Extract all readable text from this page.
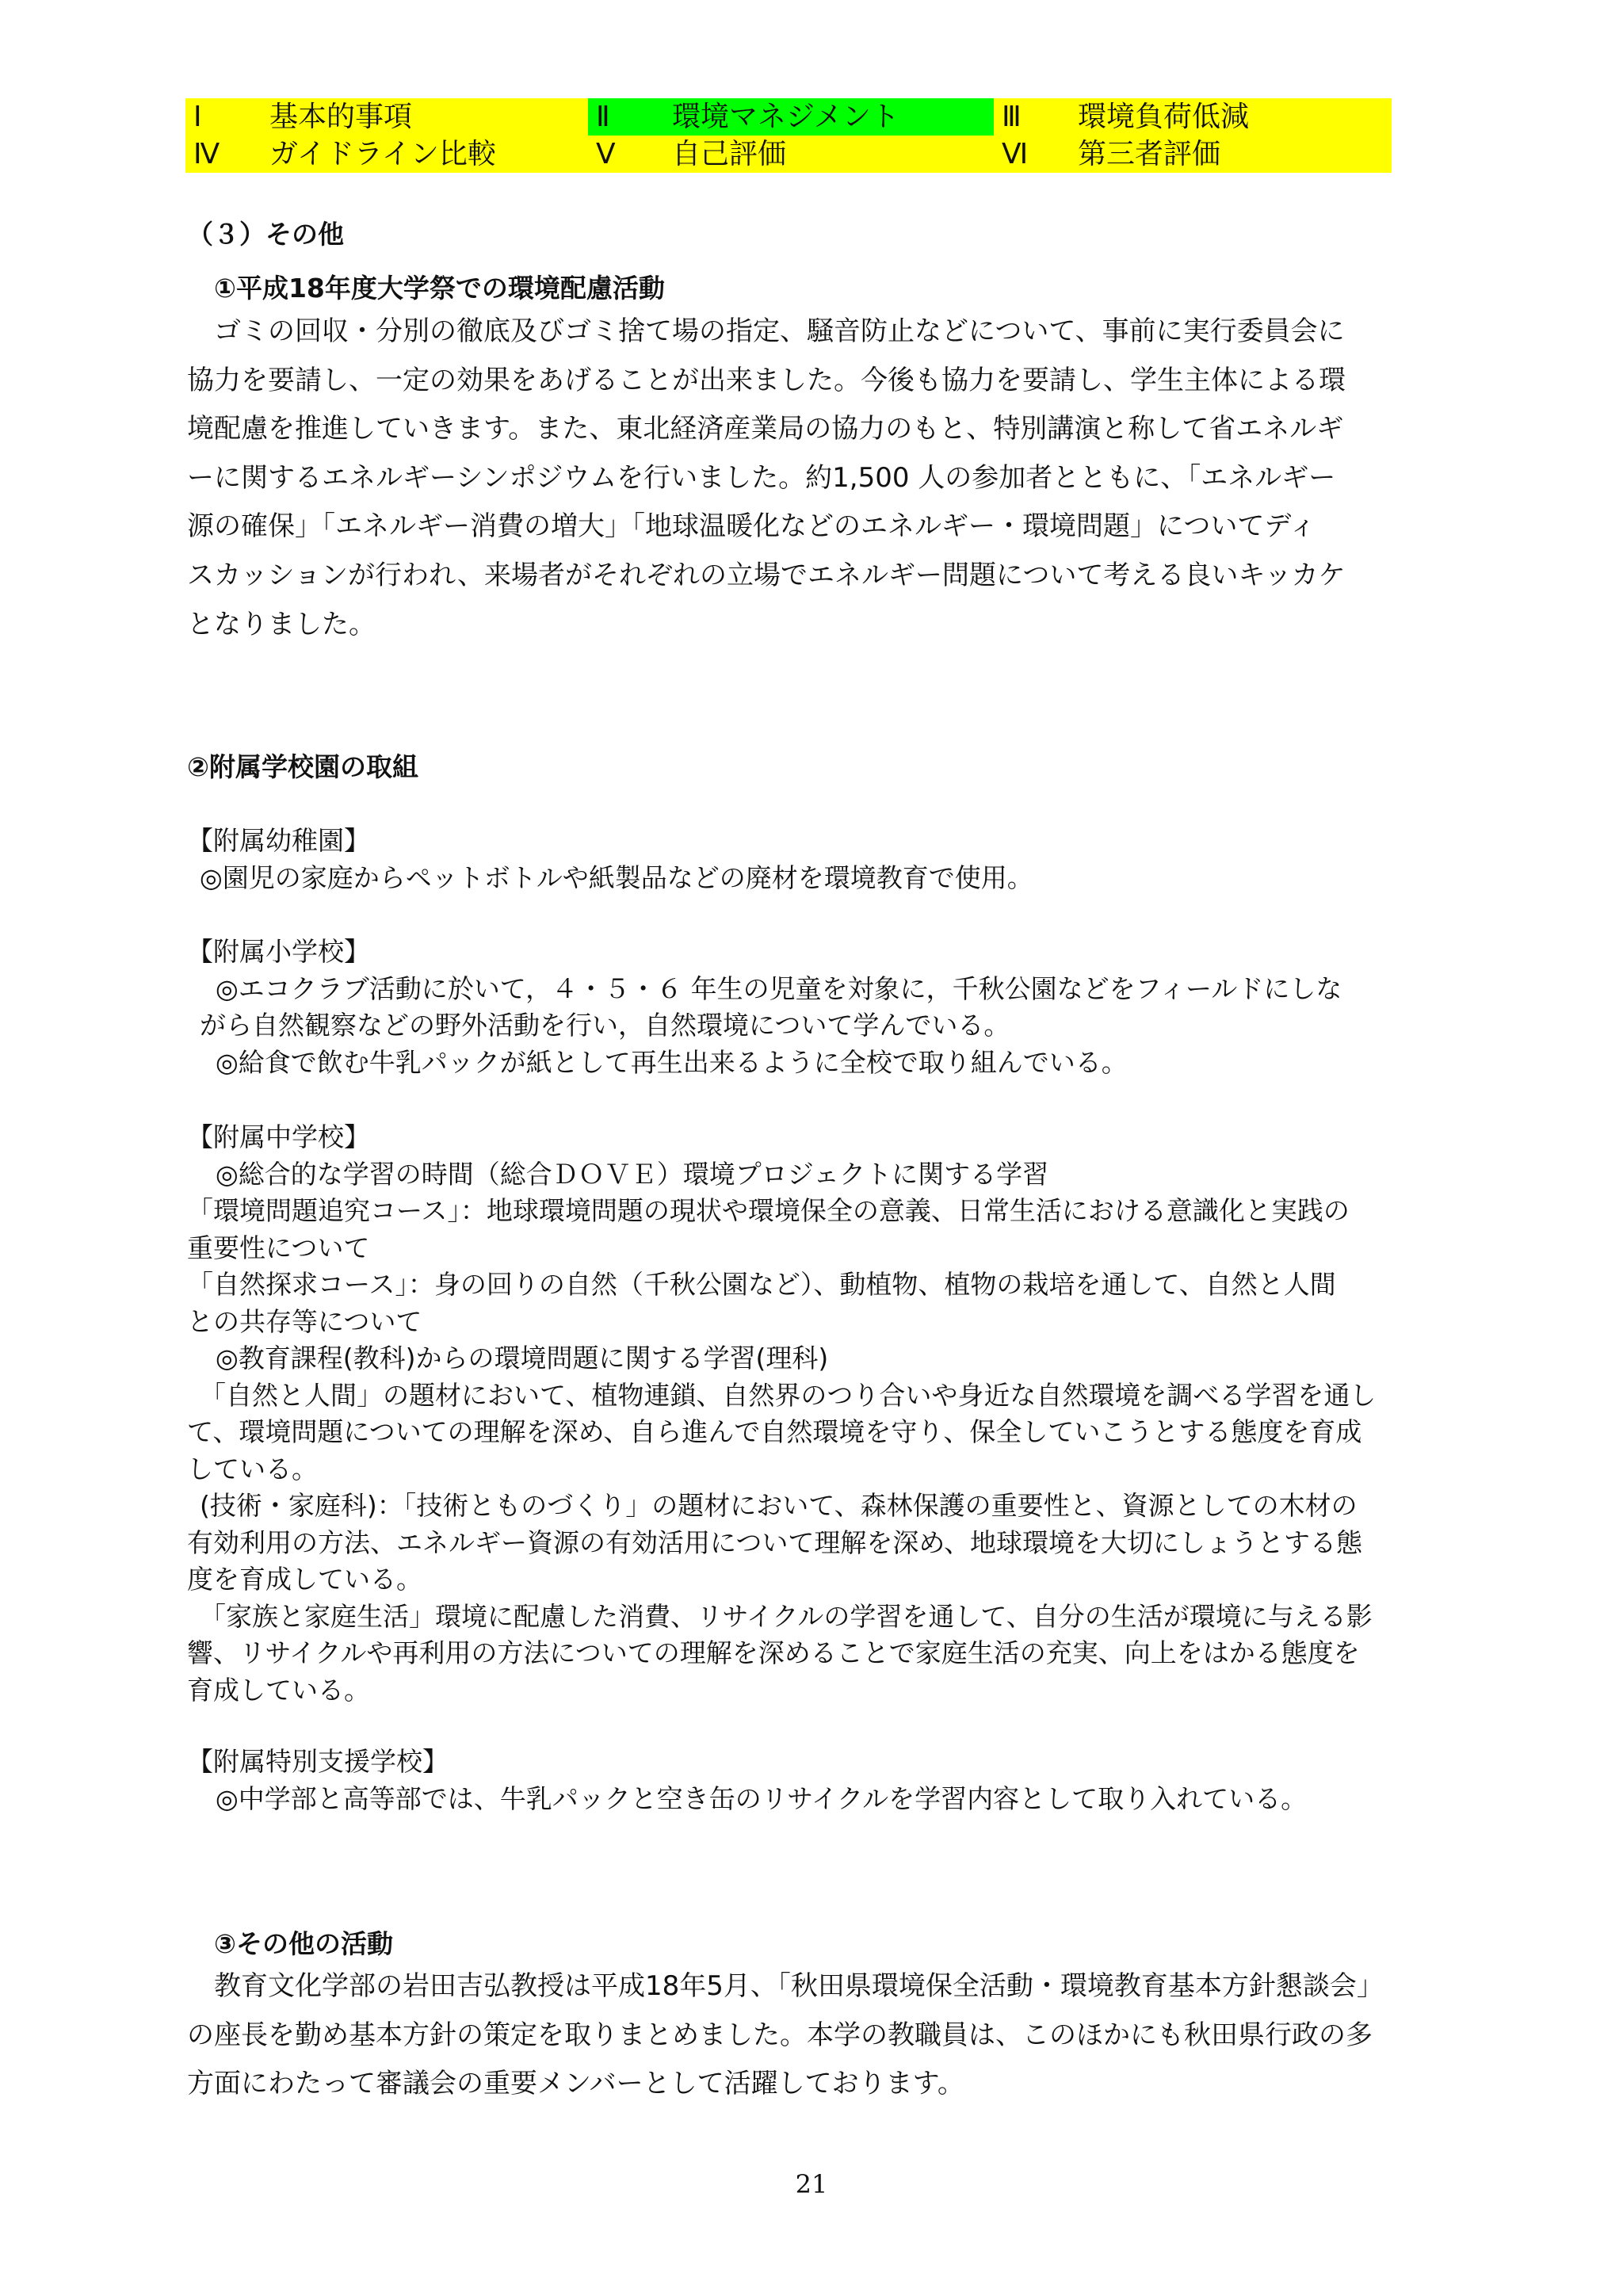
Ⅰ	基本的事項	Ⅱ	環境マネジメント	Ⅲ	環境負荷低減
Ⅳ	ガイドライン比較	Ⅴ	自己評価	Ⅵ	第三者評価

（３）その他

①平成18年度大学祭での環境配慮活動

ゴミの回収・分別の徹底及びゴミ捨て場の指定、騒音防止などについて、事前に実行委員会に

協力を要請し、一定の効果をあげることが出来ました。今後も協力を要請し、学生主体による環

境配慮を推進していきます。また、東北経済産業局の協力のもと、特別講演と称して省エネルギ

ーに関するエネルギーシンポジウムを行いました。約1,500 人の参加者とともに、「エネルギー

源の確保」「エネルギー消費の増大」「地球温暖化などのエネルギー・環境問題」についてディ

スカッションが行われ、来場者がそれぞれの立場でエネルギー問題について考える良いキッカケ

となりました。

②附属学校園の取組

【附属幼稚園】

◎園児の家庭からペットボトルや紙製品などの廃材を環境教育で使用。

【附属小学校】

◎エコクラブ活動に於いて，４・５・６ 年生の児童を対象に，千秋公園などをフィールドにしな

がら自然観察などの野外活動を行い，自然環境について学んでいる。

◎給食で飲む牛乳パックが紙として再生出来るように全校で取り組んでいる。

【附属中学校】

◎総合的な学習の時間（総合ＤＯＶＥ）環境プロジェクトに関する学習

「環境問題追究コース」：地球環境問題の現状や環境保全の意義、日常生活における意識化と実践の

重要性について

「自然探求コース」：身の回りの自然（千秋公園など）、動植物、植物の栽培を通して、自然と人間

との共存等について

◎教育課程(教科)からの環境問題に関する学習(理科)

「自然と人間」の題材において、植物連鎖、自然界のつり合いや身近な自然環境を調べる学習を通し

て、環境問題についての理解を深め、自ら進んで自然環境を守り、保全していこうとする態度を育成

している。

(技術・家庭科)：「技術とものづくり」の題材において、森林保護の重要性と、資源としての木材の

有効利用の方法、エネルギー資源の有効活用について理解を深め、地球環境を大切にしょうとする態

度を育成している。

「家族と家庭生活」環境に配慮した消費、リサイクルの学習を通して、自分の生活が環境に与える影

響、リサイクルや再利用の方法についての理解を深めることで家庭生活の充実、向上をはかる態度を

育成している。

【附属特別支援学校】

◎中学部と高等部では、牛乳パックと空き缶のリサイクルを学習内容として取り入れている。

③その他の活動

教育文化学部の岩田吉弘教授は平成18年5月、「秋田県環境保全活動・環境教育基本方針懇談会」

の座長を勤め基本方針の策定を取りまとめました。本学の教職員は、このほかにも秋田県行政の多

方面にわたって審議会の重要メンバーとして活躍しております。

21
